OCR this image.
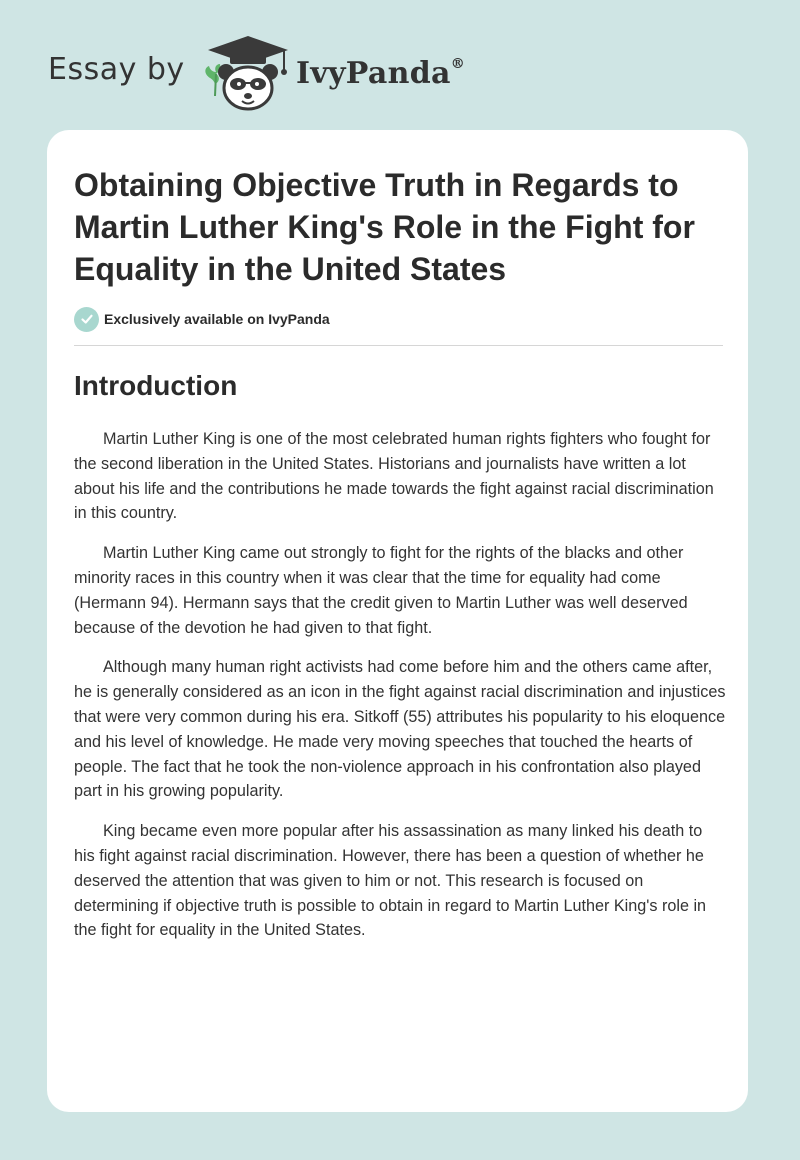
Essay by	IvyPanda®
Obtaining Objective Truth in Regards to Martin Luther King's Role in the Fight for Equality in the United States
Exclusively available on IvyPanda
Introduction

Martin Luther King is one of the most celebrated human rights fighters who fought for the second liberation in the United States. Historians and journalists have written a lot about his life and the contributions he made towards the fight against racial discrimination in this country.

Martin Luther King came out strongly to fight for the rights of the blacks and other minority races in this country when it was clear that the time for equality had come (Hermann 94). Hermann says that the credit given to Martin Luther was well deserved because of the devotion he had given to that fight.

Although many human right activists had come before him and the others came after, he is generally considered as an icon in the fight against racial discrimination and injustices that were very common during his era. Sitkoff (55) attributes his popularity to his eloquence and his level of knowledge. He made very moving speeches that touched the hearts of people. The fact that he took the non-violence approach in his confrontation also played part in his growing popularity.

King became even more popular after his assassination as many linked his death to his fight against racial discrimination. However, there has been a question of whether he deserved the attention that was given to him or not. This research is focused on determining if objective truth is possible to obtain in regard to Martin Luther King's role in the fight for equality in the United States.
